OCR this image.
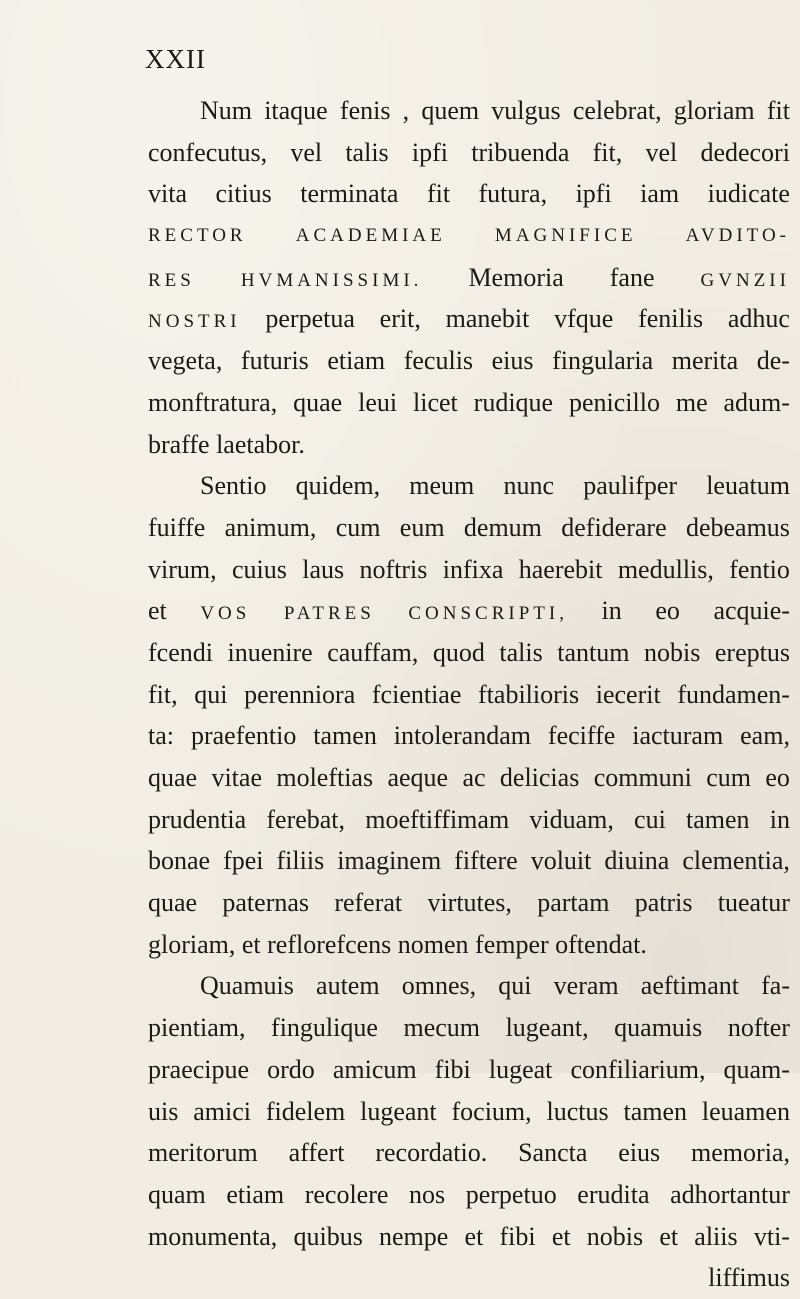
XXII
Num itaque fenis , quem vulgus celebrat, gloriam fit
confecutus, vel talis ipfi tribuenda fit, vel dedecori
vita citius terminata fit futura, ipfi iam iudicate
RECTOR	ACADEMIAE	MAGNIFICE	AVDITO-
RES HVMANISSIMI. Memoria fane GVNZII
NOSTRI perpetua erit, manebit vfque fenilis adhuc
vegeta, futuris etiam feculis eius fingularia merita de-
monftratura, quae leui licet rudique penicillo me adum-
braffe laetabor.
Sentio quidem, meum nunc paulifper leuatum
fuiffe animum, cum eum demum defiderare debeamus
virum, cuius laus noftris infixa haerebit medullis, fentio
et VOS PATRES CONSCRIPTI, in eo acquie-
fcendi inuenire cauffam, quod talis tantum nobis ereptus
fit, qui perenniora fcientiae ftabilioris iecerit fundamen-
ta: praefentio tamen intolerandam feciffe iacturam eam,
quae vitae moleftias aeque ac delicias communi cum eo
prudentia ferebat, moeftiffimam viduam, cui tamen in
bonae fpei filiis imaginem fiftere voluit diuina clementia,
quae paternas referat virtutes, partam patris tueatur
gloriam, et reflorefcens nomen femper oftendat.
Quamuis autem omnes, qui veram aeftimant fa-
pientiam, fingulique mecum lugeant, quamuis nofter
praecipue ordo amicum fibi lugeat confiliarium, quam-
uis amici fidelem lugeant focium, luctus tamen leuamen
meritorum affert recordatio. Sancta eius memoria,
quam etiam recolere nos perpetuo erudita adhortantur
monumenta, quibus nempe et fibi et nobis et aliis vti-
liffimus
